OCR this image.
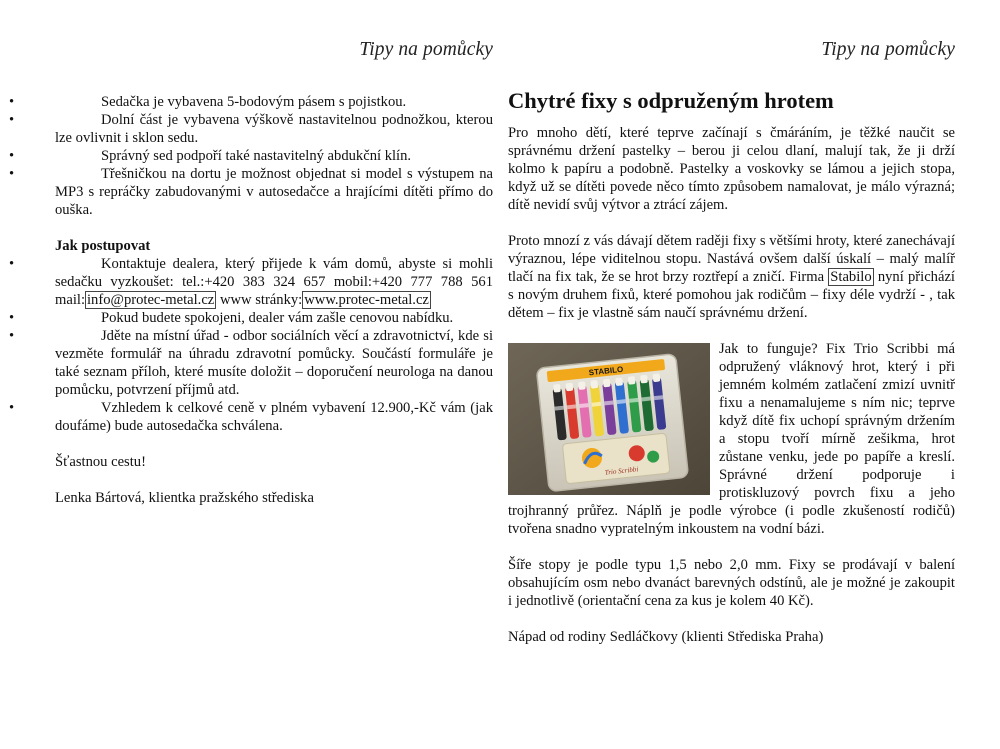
Tipy na pomůcky
•	Sedačka je vybavena 5-bodovým pásem s pojistkou.
•	Dolní část je vybavena výškově nastavitelnou podnožkou, kterou lze ovlivnit i sklon sedu.
•	Správný sed podpoří také nastavitelný abdukční klín.
•	Třešničkou na dortu je možnost objednat si model s výstupem na MP3 s repráčky zabudovanými v autosedačce a hrajícími dítěti přímo do ouška.

Jak postupovat

•	Kontaktuje dealera, který přijede k vám domů, abyste si mohli sedačku vyzkoušet: tel.:+420 383 324 657 mobil:+420 777 788 561 mail: info@protec-metal.cz www stránky: www.protec-metal.cz
•	Pokud budete spokojeni, dealer vám zašle cenovou nabídku.
•	Jděte na místní úřad - odbor sociálních věcí a zdravotnictví, kde si vezměte formulář na úhradu zdravotní pomůcky. Součástí formuláře je také seznam příloh, které musíte doložit – doporučení neurologa na danou pomůcku, potvrzení příjmů atd.
•	Vzhledem k celkové ceně v plném vybavení 12.900,-Kč vám (jak doufáme) bude autosedačka schválena.

Šťastnou cestu!

Lenka Bártová, klientka pražského střediska

Tipy na pomůcky
Chytré fixy s odpruženým hrotem

Pro mnoho dětí, které teprve začínají s čmáráním, je těžké naučit se správnému držení pastelky – berou ji celou dlaní, malují tak, že ji drží kolmo k papíru a podobně. Pastelky a voskovky se lámou a jejich stopa, když už se dítěti povede něco tímto způsobem namalovat, je málo výrazná; dítě nevidí svůj výtvor a ztrácí zájem.

Proto mnozí z vás dávají dětem raději fixy s většími hroty, které zanechávají výraznou, lépe viditelnou stopu. Nastává ovšem další úskalí – malý malíř tlačí na fix tak, že se hrot brzy roztřepí a zničí. Firma Stabilo nyní přichází s novým druhem fixů, které pomohou jak rodičům – fixy déle vydrží - , tak dětem – fix je vlastně sám naučí správnému držení.

STABILO
Trio Scribbi

Jak to funguje? Fix Trio Scribbi má odpružený vláknový hrot, který i při jemném kolmém zatlačení zmizí uvnitř fixu a nenamalujeme s ním nic; teprve když dítě fix uchopí správným držením a stopu tvoří mírně zešikma, hrot zůstane venku, jede po papíře a kreslí. Správné držení podporuje i protiskluzový povrch fixu a jeho trojhranný průřez. Náplň je podle výrobce (i podle zkušeností rodičů) tvořena snadno vypratelným inkoustem na vodní bázi.

Šíře stopy je podle typu 1,5 nebo 2,0 mm. Fixy se prodávají v balení obsahujícím osm nebo dvanáct barevných odstínů, ale je možné je zakoupit i jednotlivě (orientační cena za kus je kolem 40 Kč).

Nápad od rodiny Sedláčkovy (klienti Střediska Praha)
